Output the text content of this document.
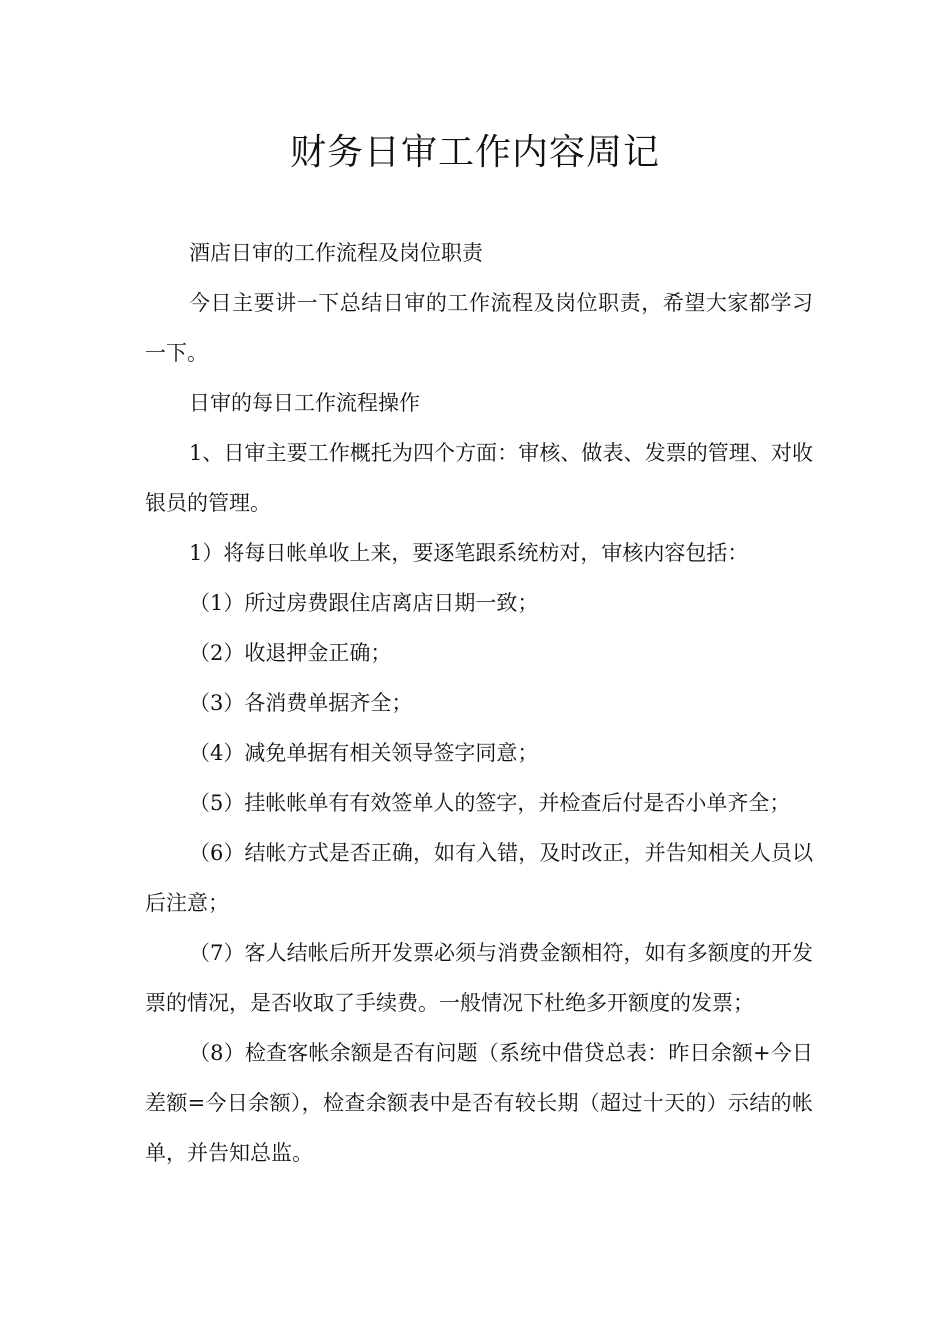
财务日审工作内容周记

酒店日审的工作流程及岗位职责

今日主要讲一下总结日审的工作流程及岗位职责，希望大家都学习一下。

日审的每日工作流程操作

1、日审主要工作概托为四个方面：审核、做表、发票的管理、对收银员的管理。

1）将每日帐单收上来，要逐笔跟系统枋对，审核内容包括：

（1）所过房费跟住店离店日期一致；

（2）收退押金正确；

（3）各消费单据齐全；

（4）减免单据有相关领导签字同意；

（5）挂帐帐单有有效签单人的签字，并检查后付是否小单齐全；

（6）结帐方式是否正确，如有入错，及时改正，并告知相关人员以后注意；

（7）客人结帐后所开发票必须与消费金额相符，如有多额度的开发票的情况，是否收取了手续费。一般情况下杜绝多开额度的发票；

（8）检查客帐余额是否有问题（系统中借贷总表：昨日余额+今日差额=今日余额），检查余额表中是否有较长期（超过十天的）示结的帐单，并告知总监。
